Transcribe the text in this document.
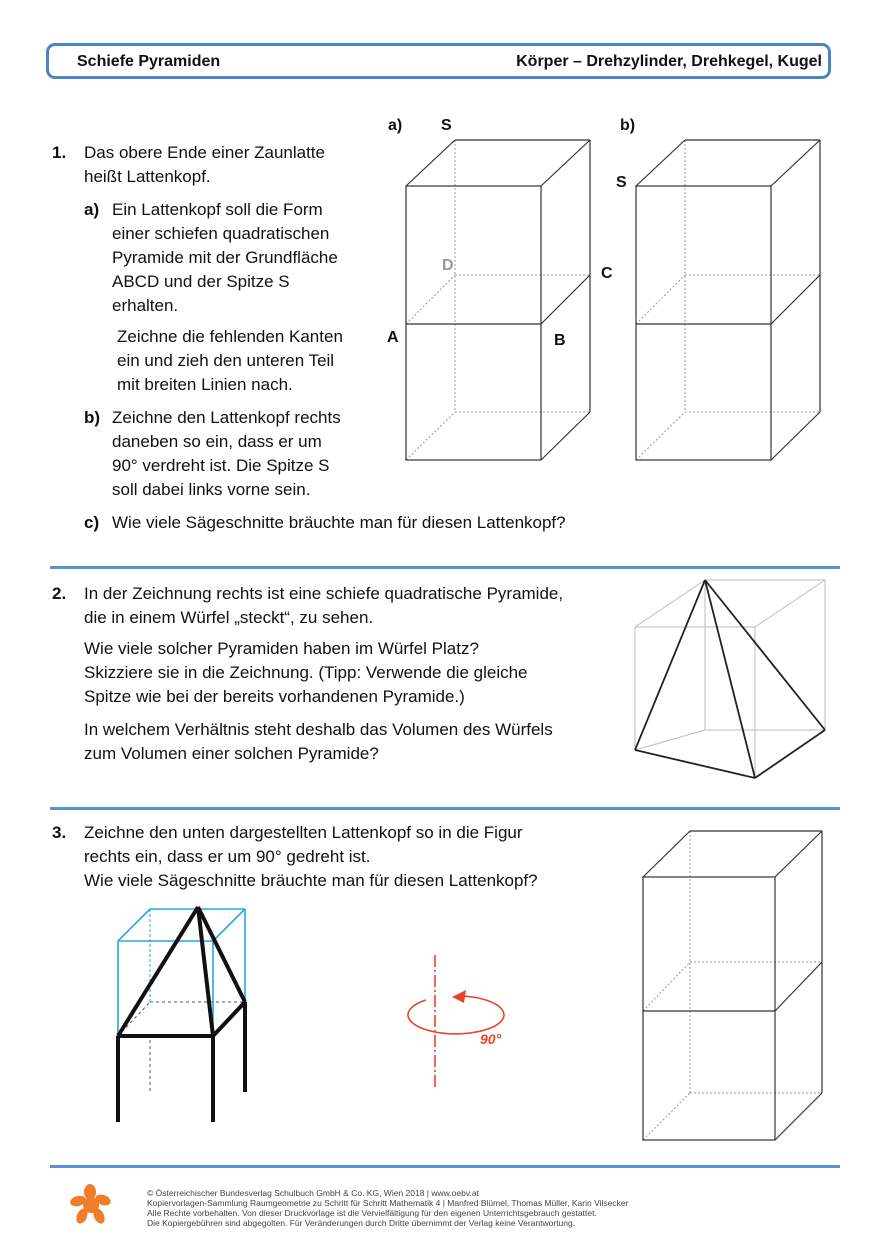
Schiefe Pyramiden	Körper – Drehzylinder, Drehkegel, Kugel
1. Das obere Ende einer Zaunlatte
heißt Lattenkopf.
a) Ein Lattenkopf soll die Form
einer schiefen quadratischen
Pyramide mit der Grundfläche
ABCD und der Spitze S
erhalten.
Zeichne die fehlenden Kanten
ein und zieh den unteren Teil
mit breiten Linien nach.
b) Zeichne den Lattenkopf rechts
daneben so ein, dass er um
90° verdreht ist. Die Spitze S
soll dabei links vorne sein.
c) Wie viele Sägeschnitte bräuchte man für diesen Lattenkopf?
a) S
D	C
A	B
b)
S
2. In der Zeichnung rechts ist eine schiefe quadratische Pyramide,
die in einem Würfel „steckt“, zu sehen.
Wie viele solcher Pyramiden haben im Würfel Platz?
Skizziere sie in die Zeichnung. (Tipp: Verwende die gleiche
Spitze wie bei der bereits vorhandenen Pyramide.)
In welchem Verhältnis steht deshalb das Volumen des Würfels
zum Volumen einer solchen Pyramide?
3. Zeichne den unten dargestellten Lattenkopf so in die Figur
rechts ein, dass er um 90° gedreht ist.
Wie viele Sägeschnitte bräuchte man für diesen Lattenkopf?
90°
© Österreichischer Bundesverlag Schulbuch GmbH & Co. KG, Wien 2018 | www.oebv.at
Kopiervorlagen-Sammlung Raumgeometrie zu Schritt für Schritt Mathematik 4 | Manfred Blümel, Thomas Müller, Karin Vilsecker
Alle Rechte vorbehalten. Von dieser Druckvorlage ist die Vervielfältigung für den eigenen Unterrichtsgebrauch gestattet.
Die Kopiergebühren sind abgegolten. Für Veränderungen durch Dritte übernimmt der Verlag keine Verantwortung.
